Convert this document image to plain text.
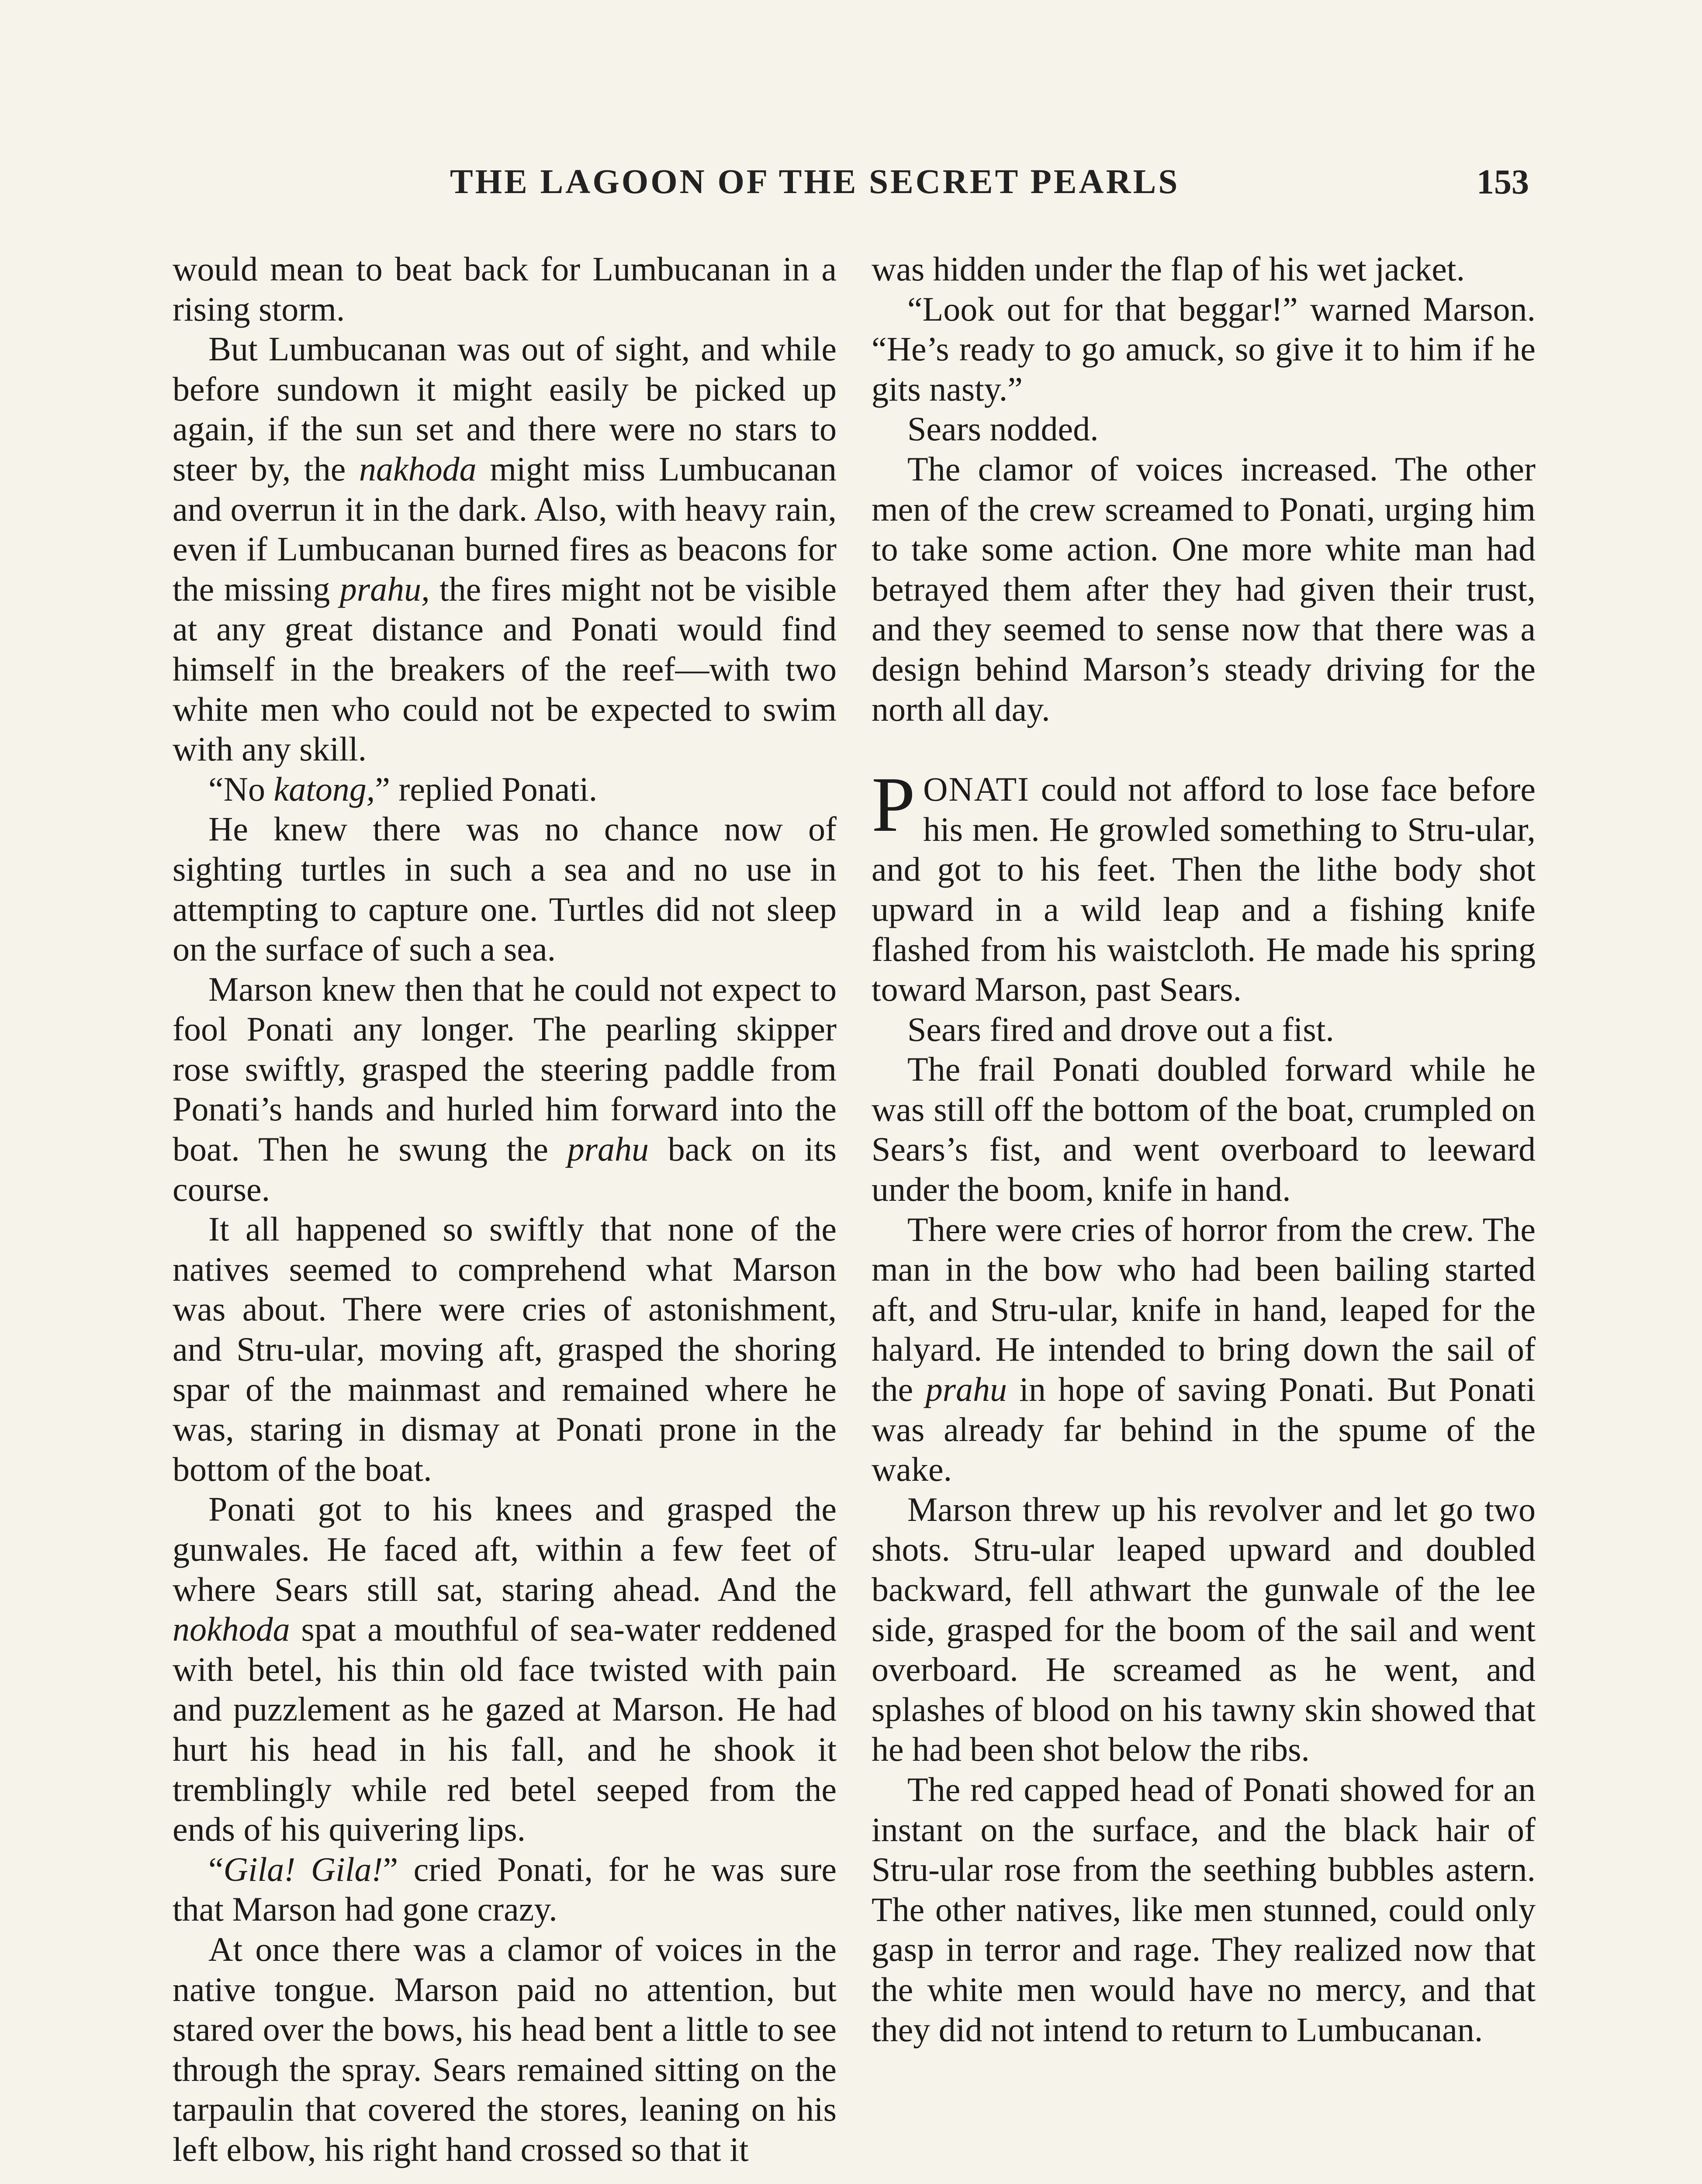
THE LAGOON OF THE SECRET PEARLS	153

would mean to beat back for Lumbucanan in a rising storm.

But Lumbucanan was out of sight, and while before sundown it might easily be picked up again, if the sun set and there were no stars to steer by, the nakhoda might miss Lumbucanan and overrun it in the dark. Also, with heavy rain, even if Lumbucanan burned fires as beacons for the missing prahu, the fires might not be visible at any great distance and Ponati would find himself in the breakers of the reef—with two white men who could not be expected to swim with any skill.

“No katong,” replied Ponati.

He knew there was no chance now of sighting turtles in such a sea and no use in attempting to capture one. Turtles did not sleep on the surface of such a sea.

Marson knew then that he could not expect to fool Ponati any longer. The pearling skipper rose swiftly, grasped the steering paddle from Ponati’s hands and hurled him forward into the boat. Then he swung the prahu back on its course.

It all happened so swiftly that none of the natives seemed to comprehend what Marson was about. There were cries of astonishment, and Stru-ular, moving aft, grasped the shoring spar of the mainmast and remained where he was, staring in dismay at Ponati prone in the bottom of the boat.

Ponati got to his knees and grasped the gunwales. He faced aft, within a few feet of where Sears still sat, staring ahead. And the nokhoda spat a mouthful of sea-water reddened with betel, his thin old face twisted with pain and puzzlement as he gazed at Marson. He had hurt his head in his fall, and he shook it tremblingly while red betel seeped from the ends of his quivering lips.

“Gila! Gila!” cried Ponati, for he was sure that Marson had gone crazy.

At once there was a clamor of voices in the native tongue. Marson paid no attention, but stared over the bows, his head bent a little to see through the spray. Sears remained sitting on the tarpaulin that covered the stores, leaning on his left elbow, his right hand crossed so that it

was hidden under the flap of his wet jacket.

“Look out for that beggar!” warned Marson. “He’s ready to go amuck, so give it to him if he gits nasty.”

Sears nodded.

The clamor of voices increased. The other men of the crew screamed to Ponati, urging him to take some action. One more white man had betrayed them after they had given their trust, and they seemed to sense now that there was a design behind Marson’s steady driving for the north all day.

PONATI could not afford to lose face before his men. He growled something to Stru-ular, and got to his feet. Then the lithe body shot upward in a wild leap and a fishing knife flashed from his waistcloth. He made his spring toward Marson, past Sears.

Sears fired and drove out a fist.

The frail Ponati doubled forward while he was still off the bottom of the boat, crumpled on Sears’s fist, and went overboard to leeward under the boom, knife in hand.

There were cries of horror from the crew. The man in the bow who had been bailing started aft, and Stru-ular, knife in hand, leaped for the halyard. He intended to bring down the sail of the prahu in hope of saving Ponati. But Ponati was already far behind in the spume of the wake.

Marson threw up his revolver and let go two shots. Stru-ular leaped upward and doubled backward, fell athwart the gunwale of the lee side, grasped for the boom of the sail and went overboard. He screamed as he went, and splashes of blood on his tawny skin showed that he had been shot below the ribs.

The red capped head of Ponati showed for an instant on the surface, and the black hair of Stru-ular rose from the seething bubbles astern. The other natives, like men stunned, could only gasp in terror and rage. They realized now that the white men would have no mercy, and that they did not intend to return to Lumbucanan.
